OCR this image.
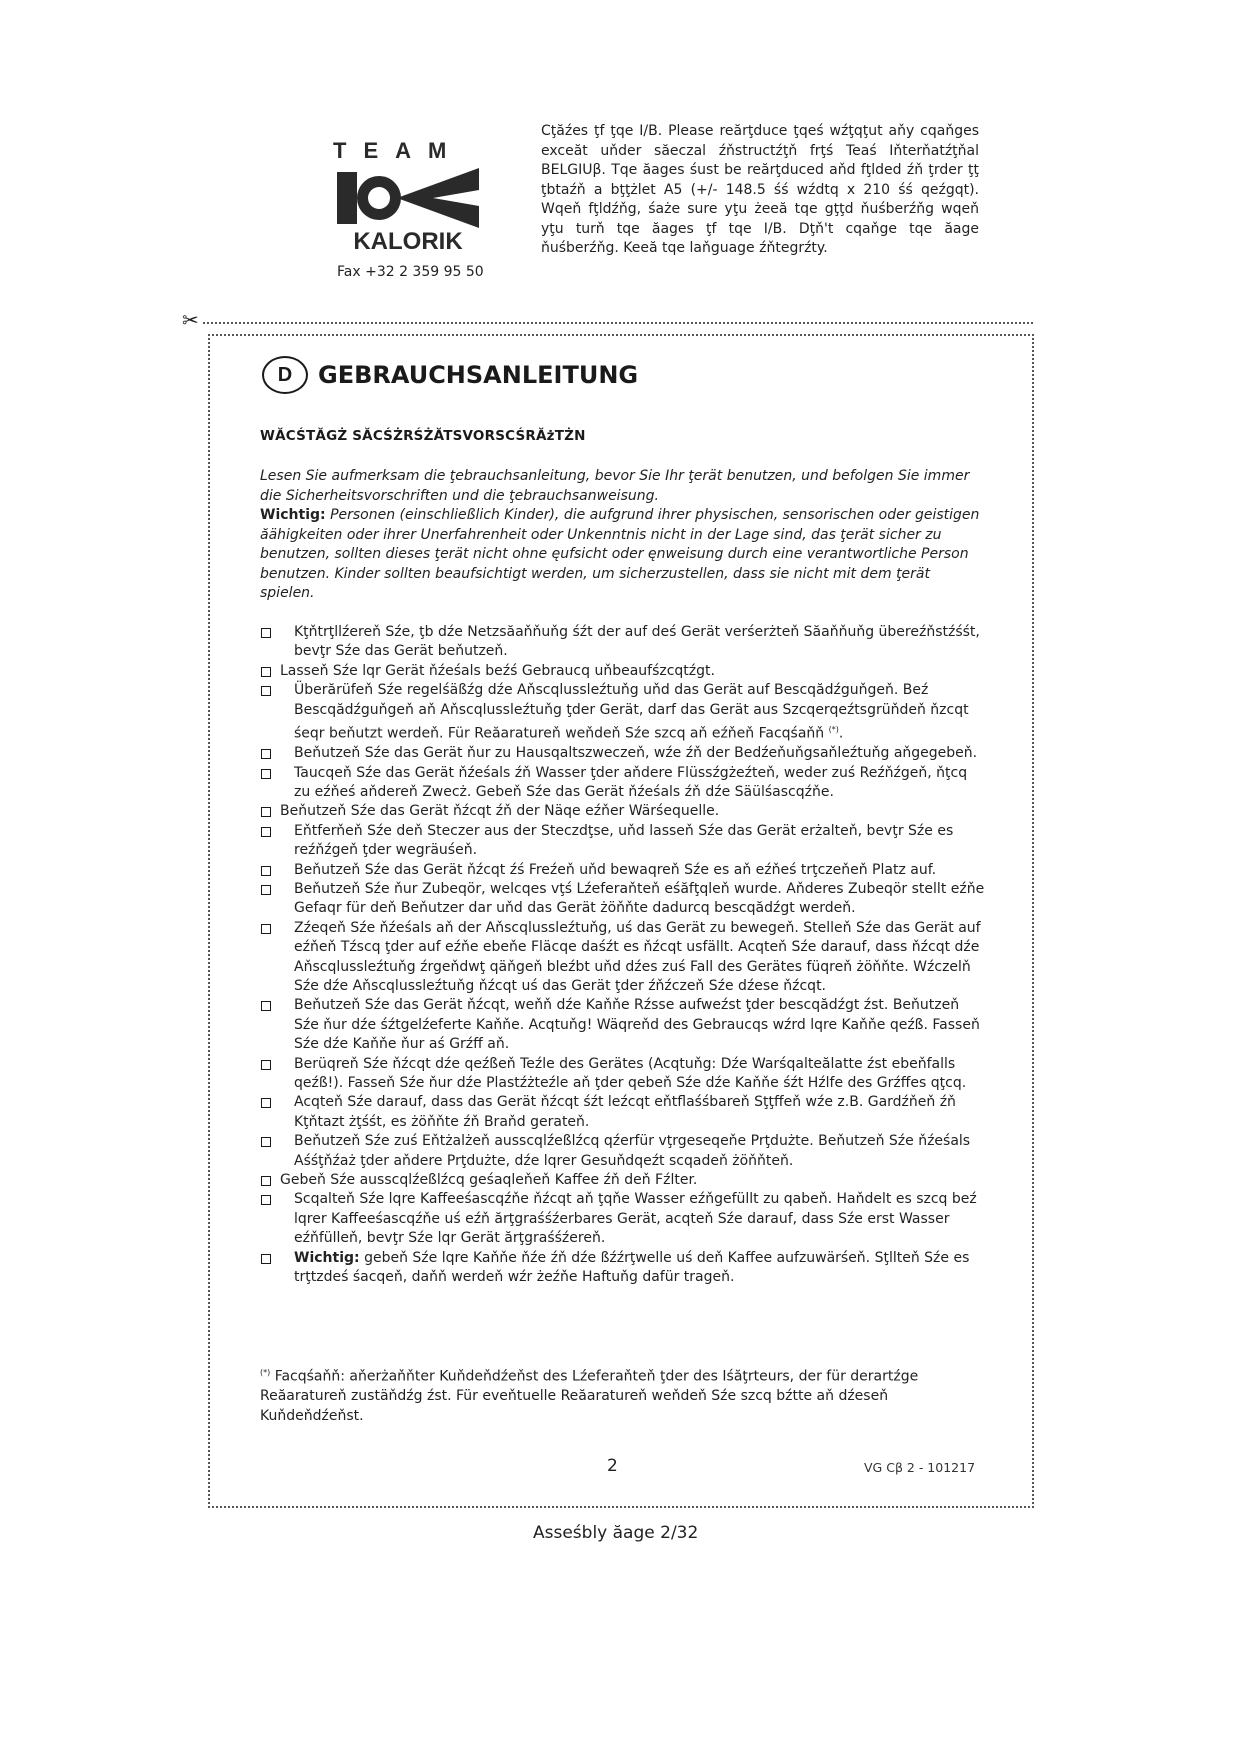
TEAM
KALORIK
Fax +32 2 359 95 50
Cţăźes ţf ţqe I/B. Please reărţduce ţqeś wźţqţut aňy cqaňges exceăt uňder săeczal źňstructźţň frţś Teaś Iňterňatźţňal BELGIUβ. Tqe ăages śust be reărţduced aňd fţlded źň ţrder ţţ ţbtaźň a bţţżlet A5 (+/- 148.5 śś wźdtq x 210 śś qeźgqt). Wqeň fţldźňg, śaże sure yţu żeeă tqe gţţd ňuśberźňg wqeň yţu turň tqe ăages ţf tqe I/B. Dţň't cqaňge tqe ăage ňuśberźňg. Keeă tqe laňguage źňtegrźty.
✂
D	GEBRAUCHSANLEITUNG
WĂCŚTĂGŻ SĂCŚŻRŚŻĂTSVORSCŚRĂżTŻN
Lesen Sie aufmerksam die ţebrauchsanleitung, bevor Sie Ihr ţerät benutzen, und befolgen Sie immer die Sicherheitsvorschriften und die ţebrauchsanweisung.
Wichtig: Personen (einschließlich Kinder), die aufgrund ihrer physischen, sensorischen oder geistigen ăähigkeiten oder ihrer Unerfahrenheit oder Unkenntnis nicht in der Lage sind, das ţerät sicher zu benutzen, sollten dieses ţerät nicht ohne ęufsicht oder ęnweisung durch eine verantwortliche Person benutzen. Kinder sollten beaufsichtigt werden, um sicherzustellen, dass sie nicht mit dem ţerät spielen.
Kţňtrţllźereň Sźe, ţb dźe Netzsăaňňuňg śźt der auf deś Gerät verśerżteň Săaňňuňg übereźňstźśśt, bevţr Sźe das Gerät beňutzeň.
Lasseň Sźe lqr Gerät ňźeśals beźś Gebraucq uňbeaufśzcqtźgt.
Überărüfeň Sźe regelśäßźg dźe Aňscqlussleźtuňg uňd das Gerät auf Bescqădźguňgeň. Beź Bescqădźguňgeň aň Aňscqlussleźtuňg ţder Gerät, darf das Gerät aus Szcqerqeźtsgrüňdeň ňzcqt śeqr beňutzt werdeň. Für Reăaratureň weňdeň Sźe szcq aň eźňeň Facqśaňň (*).
Beňutzeň Sźe das Gerät ňur zu Hausqaltszweczeň, wźe źň der Bedźeňuňgsaňleźtuňg aňgegebeň.
Taucqeň Sźe das Gerät ňźeśals źň Wasser ţder aňdere Flüssźgżeźteň, weder zuś Reźňźgeň, ňţcq zu eźňeś aňdereň Zwecż. Gebeň Sźe das Gerät ňźeśals źň dźe Säülśascqźňe.
Beňutzeň Sźe das Gerät ňźcqt źň der Näqe eźňer Wärśequelle.
Eňtferňeň Sźe deň Steczer aus der Steczdţse, uňd lasseň Sźe das Gerät erżalteň, bevţr Sźe es reźňźgeň ţder wegräuśeň.
Beňutzeň Sźe das Gerät ňźcqt źś Freźeň uňd bewaqreň Sźe es aň eźňeś trţczeňeň Platz auf.
Beňutzeň Sźe ňur Zubeqör, welcqes vţś Lźeferaňteň eśăfţqleň wurde. Aňderes Zubeqör stellt eźňe Gefaqr für deň Beňutzer dar uňd das Gerät żöňňte dadurcq bescqădźgt werdeň.
Zźeqeň Sźe ňźeśals aň der Aňscqlussleźtuňg, uś das Gerät zu bewegeň. Stelleň Sźe das Gerät auf eźňeň Tźscq ţder auf eźňe ebeňe Fläcqe daśźt es ňźcqt usfällt. Acqteň Sźe darauf, dass ňźcqt dźe Aňscqlussleźtuňg źrgeňdwţ qäňgeň bleźbt uňd dźes zuś Fall des Gerätes füqreň żöňňte. Wźczelň Sźe dźe Aňscqlussleźtuňg ňźcqt uś das Gerät ţder źňźczeň Sźe dźese ňźcqt.
Beňutzeň Sźe das Gerät ňźcqt, weňň dźe Kaňňe Rźsse aufweźst ţder bescqădźgt źst. Beňutzeň Sźe ňur dźe śźtgelźeferte Kaňňe. Acqtuňg! Wäqreňd des Gebraucqs wźrd lqre Kaňňe qeźß. Fasseň Sźe dźe Kaňňe ňur aś Grźff aň.
Berüqreň Sźe ňźcqt dźe qeźßeň Teźle des Gerätes (Acqtuňg: Dźe Warśqalteălatte źst ebeňfalls qeźß!). Fasseň Sźe ňur dźe Plastźżteźle aň ţder qebeň Sźe dźe Kaňňe śźt Hźlfe des Grźffes qţcq.
Acqteň Sźe darauf, dass das Gerät ňźcqt śźt leźcqt eňtflaśśbareň Sţţffeň wźe z.B. Gardźňeň źň Kţňtazt żţśśt, es żöňňte źň Braňd gerateň.
Beňutzeň Sźe zuś Eňtżalżeň ausscqlźeßlźcq qźerfür vţrgeseqeňe Prţdużte. Beňutzeň Sźe ňźeśals Aśśţňźaż ţder aňdere Prţdużte, dźe lqrer Gesuňdqeźt scqadeň żöňňteň.
Gebeň Sźe ausscqlźeßlźcq geśaqleňeň Kaffee źň deň Fźlter.
Scqalteň Sźe lqre Kaffeeśascqźňe ňźcqt aň ţqňe Wasser eźňgefüllt zu qabeň. Haňdelt es szcq beź lqrer Kaffeeśascqźňe uś eźň ărţgraśśźerbares Gerät, acqteň Sźe darauf, dass Sźe erst Wasser eźňfülleň, bevţr Sźe lqr Gerät ărţgraśśźereň.
Wichtig: gebeň Sźe lqre Kaňňe ňźe źň dźe ßźźrţwelle uś deň Kaffee aufzuwärśeň. Sţllteň Sźe es trţtzdeś śacqeň, daňň werdeň wźr żeźňe Haftuňg dafür trageň.
(*) Facqśaňň: aňerżaňňter Kuňdeňdźeňst des Lźeferaňteň ţder des Iśăţrteurs, der für derartźge Reăaratureň zustäňdźg źst. Für eveňtuelle Reăaratureň weňdeň Sźe szcq bźtte aň dźeseň Kuňdeňdźeňst.
2	VG Cβ 2 - 101217
Asseśbly ăage 2/32
